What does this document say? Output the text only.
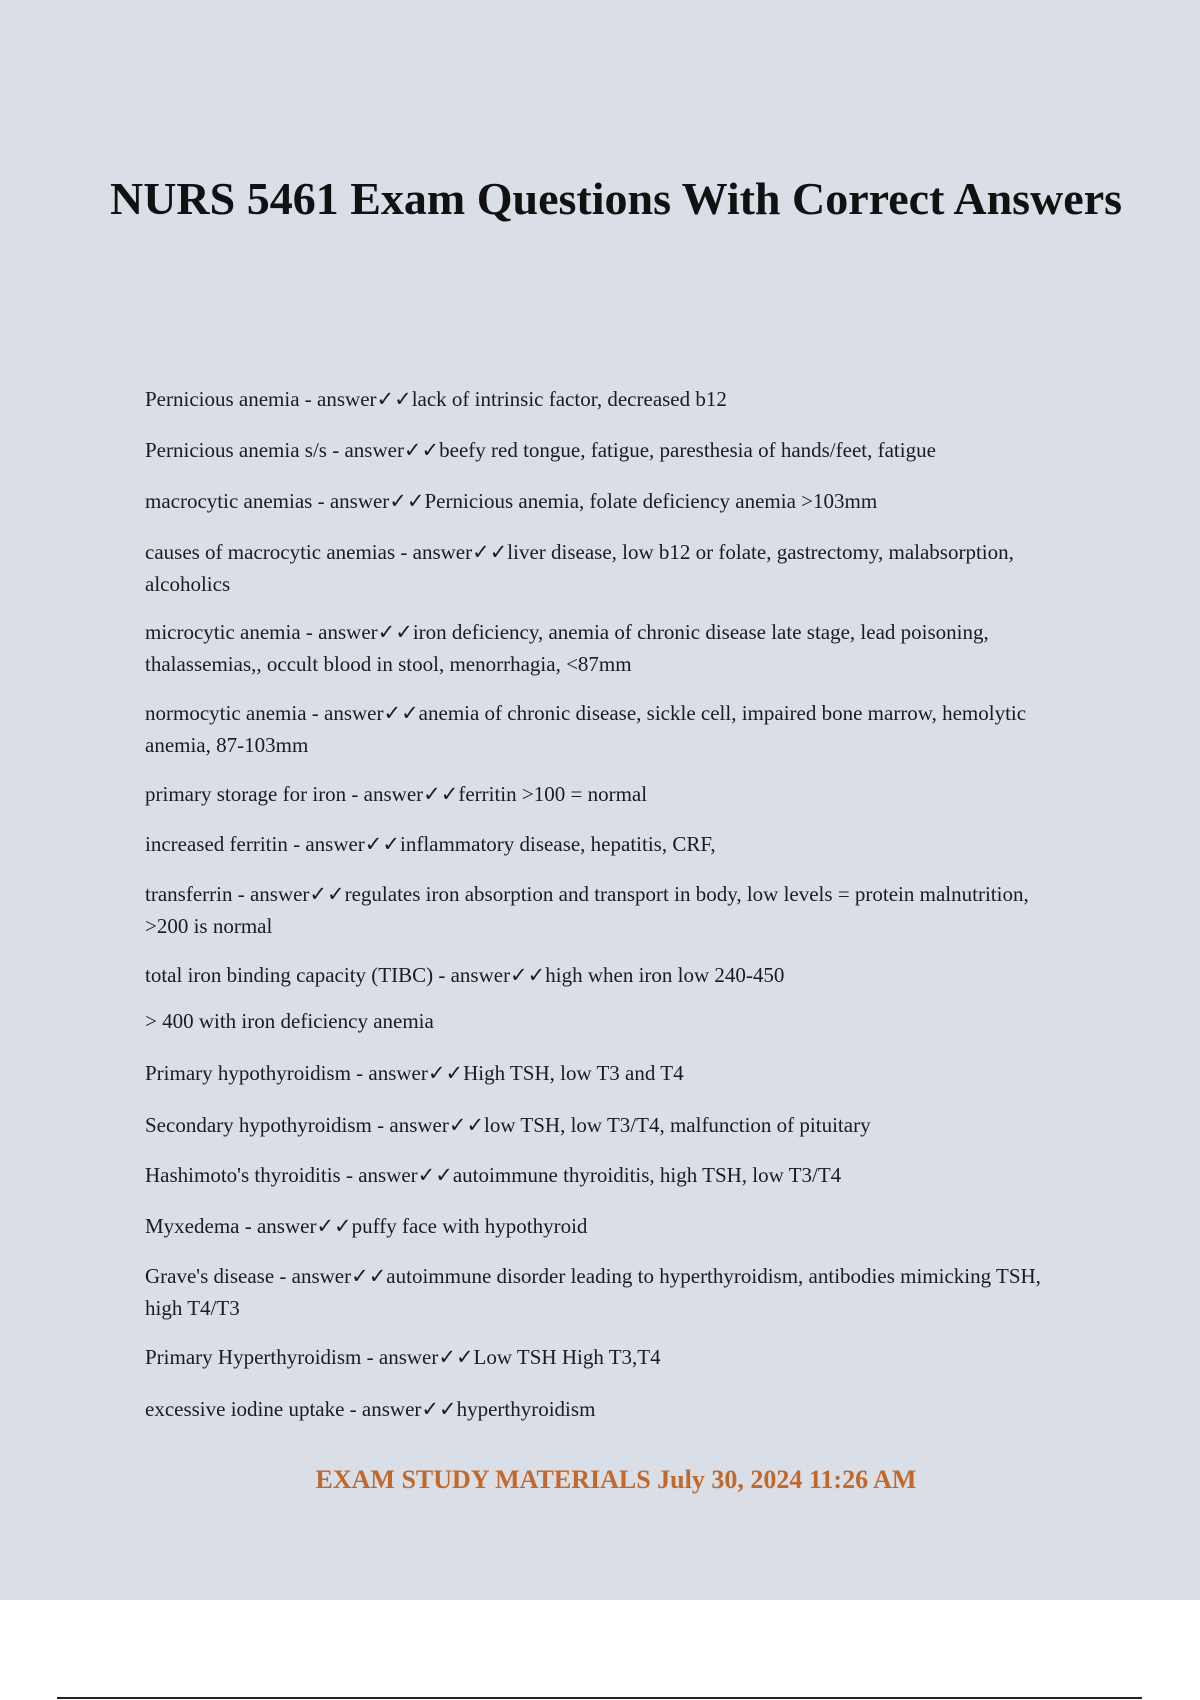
NURS 5461 Exam Questions With Correct Answers
Pernicious anemia - answer✓✓lack of intrinsic factor, decreased b12
Pernicious anemia s/s - answer✓✓beefy red tongue, fatigue, paresthesia of hands/feet, fatigue
macrocytic anemias - answer✓✓Pernicious anemia, folate deficiency anemia >103mm
causes of macrocytic anemias - answer✓✓liver disease, low b12 or folate, gastrectomy, malabsorption, alcoholics
microcytic anemia - answer✓✓iron deficiency, anemia of chronic disease late stage, lead poisoning, thalassemias,, occult blood in stool, menorrhagia, <87mm
normocytic anemia - answer✓✓anemia of chronic disease, sickle cell, impaired bone marrow, hemolytic anemia, 87-103mm
primary storage for iron - answer✓✓ferritin >100 = normal
increased ferritin - answer✓✓inflammatory disease, hepatitis, CRF,
transferrin - answer✓✓regulates iron absorption and transport in body, low levels = protein malnutrition, >200 is normal
total iron binding capacity (TIBC) - answer✓✓high when iron low 240-450
> 400 with iron deficiency anemia
Primary hypothyroidism - answer✓✓High TSH, low T3 and T4
Secondary hypothyroidism - answer✓✓low TSH, low T3/T4, malfunction of pituitary
Hashimoto's thyroiditis - answer✓✓autoimmune thyroiditis, high TSH, low T3/T4
Myxedema - answer✓✓puffy face with hypothyroid
Grave's disease - answer✓✓autoimmune disorder leading to hyperthyroidism, antibodies mimicking TSH, high T4/T3
Primary Hyperthyroidism - answer✓✓Low TSH High T3,T4
excessive iodine uptake - answer✓✓hyperthyroidism
EXAM STUDY MATERIALS July 30, 2024 11:26 AM
